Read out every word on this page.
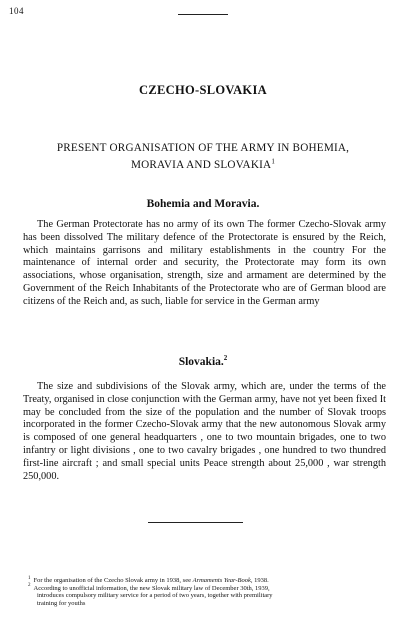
104
CZECHO-SLOVAKIA
PRESENT ORGANISATION OF THE ARMY IN BOHEMIA,
MORAVIA AND SLOVAKIA$^1$
Bohemia and Moravia.

The German Protectorate has no army of its own The former Czecho-Slovak army has been dissolved The military defence of the Protectorate is ensured by the Reich, which maintains garrisons and military establishments in the country For the maintenance of internal order and security, the Protectorate may form its own associations, whose organisation, strength, size and armament are determined by the Government of the Reich Inhabitants of the Protectorate who are of German blood are citizens of the Reich and, as such, liable for service in the German army

Slovakia.$^2$

The size and subdivisions of the Slovak army, which are, under the terms of the Treaty, organised in close conjunction with the German army, have not yet been fixed It may be concluded from the size of the population and the number of Slovak troops incorporated in the former Czecho-Slovak army that the new autonomous Slovak army is composed of one general headquarters , one to two mountain brigades, one to two infantry or light divisions , one to two cavalry brigades , one hundred to two thundred first-line aircraft ; and small special units Peace strength about 25,000 , war strength 250,000.

$^1$ For the organisation of the Czecho Slovak army in 1938, see Armaments Year-Book, 1938.
$^2$ According to unofficial information, the new Slovak military law of December 30th, 1939,
introduces compulsory military service for a period of two years, together with premilitary
training for youths
